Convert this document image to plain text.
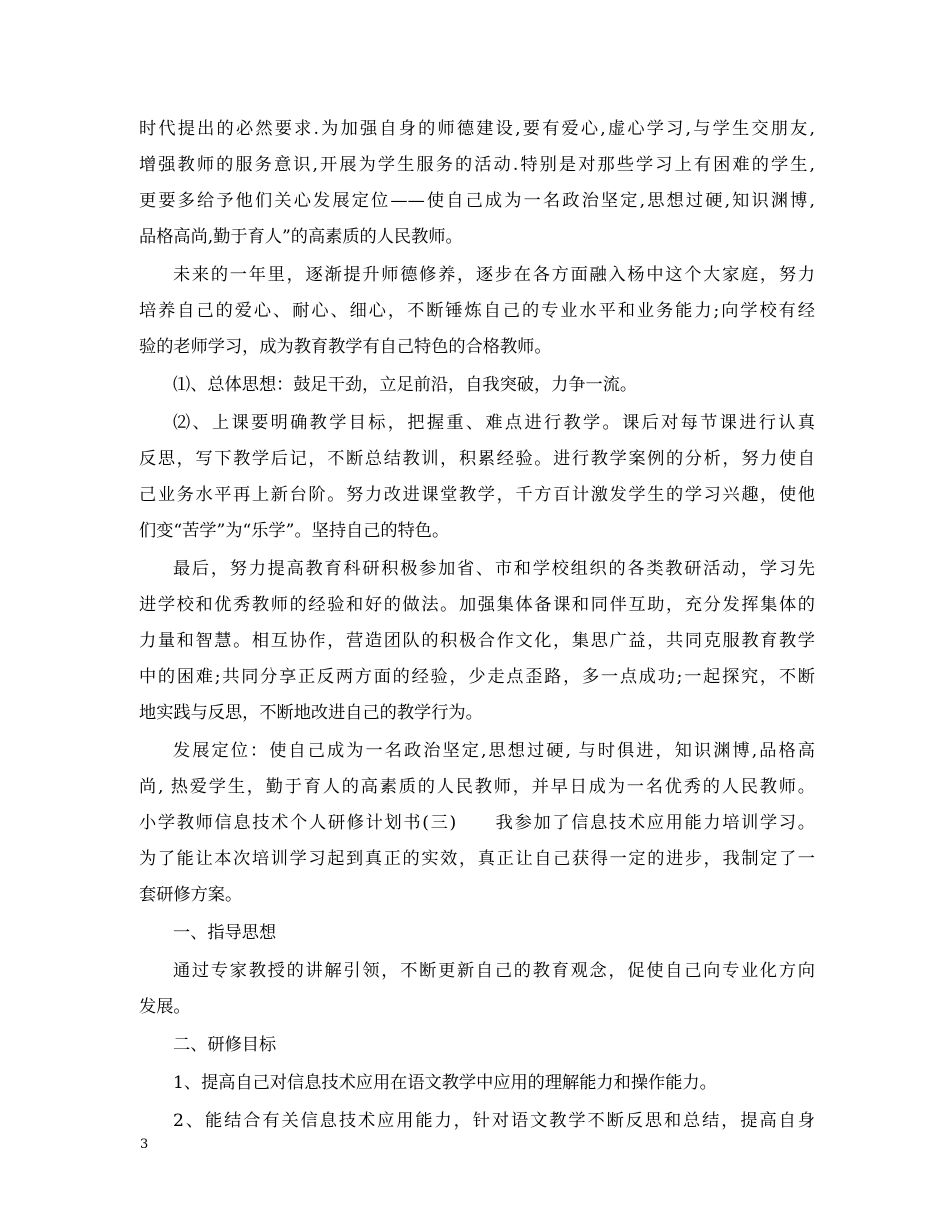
时代提出的必然要求.为加强自身的师德建设,要有爱心,虚心学习,与学生交朋友,
增强教师的服务意识,开展为学生服务的活动.特别是对那些学习上有困难的学生,
更要多给予他们关心发展定位——使自己成为一名政治坚定,思想过硬,知识渊博,
品格高尚,勤于育人”的高素质的人民教师。
未来的一年里，逐渐提升师德修养，逐步在各方面融入杨中这个大家庭，努力
培养自己的爱心、耐心、细心，不断锤炼自己的专业水平和业务能力;向学校有经
验的老师学习，成为教育教学有自己特色的合格教师。
⑴、总体思想：鼓足干劲，立足前沿，自我突破，力争一流。
⑵、上课要明确教学目标，把握重、难点进行教学。课后对每节课进行认真
反思，写下教学后记，不断总结教训，积累经验。进行教学案例的分析，努力使自
己业务水平再上新台阶。努力改进课堂教学，千方百计激发学生的学习兴趣，使他
们变“苦学”为“乐学”。坚持自己的特色。
最后，努力提高教育科研积极参加省、市和学校组织的各类教研活动，学习先
进学校和优秀教师的经验和好的做法。加强集体备课和同伴互助，充分发挥集体的
力量和智慧。相互协作，营造团队的积极合作文化，集思广益，共同克服教育教学
中的困难;共同分享正反两方面的经验，少走点歪路，多一点成功;一起探究，不断
地实践与反思，不断地改进自己的教学行为。
发展定位：使自己成为一名政治坚定,思想过硬, 与时俱进，知识渊博,品格高
尚, 热爱学生，勤于育人的高素质的人民教师，并早日成为一名优秀的人民教师。
小学教师信息技术个人研修计划书(三)　　我参加了信息技术应用能力培训学习。
为了能让本次培训学习起到真正的实效，真正让自己获得一定的进步，我制定了一
套研修方案。
一、指导思想
通过专家教授的讲解引领，不断更新自己的教育观念，促使自己向专业化方向
发展。
二、研修目标
1、提高自己对信息技术应用在语文教学中应用的理解能力和操作能力。
2、能结合有关信息技术应用能力，针对语文教学不断反思和总结，提高自身
3
